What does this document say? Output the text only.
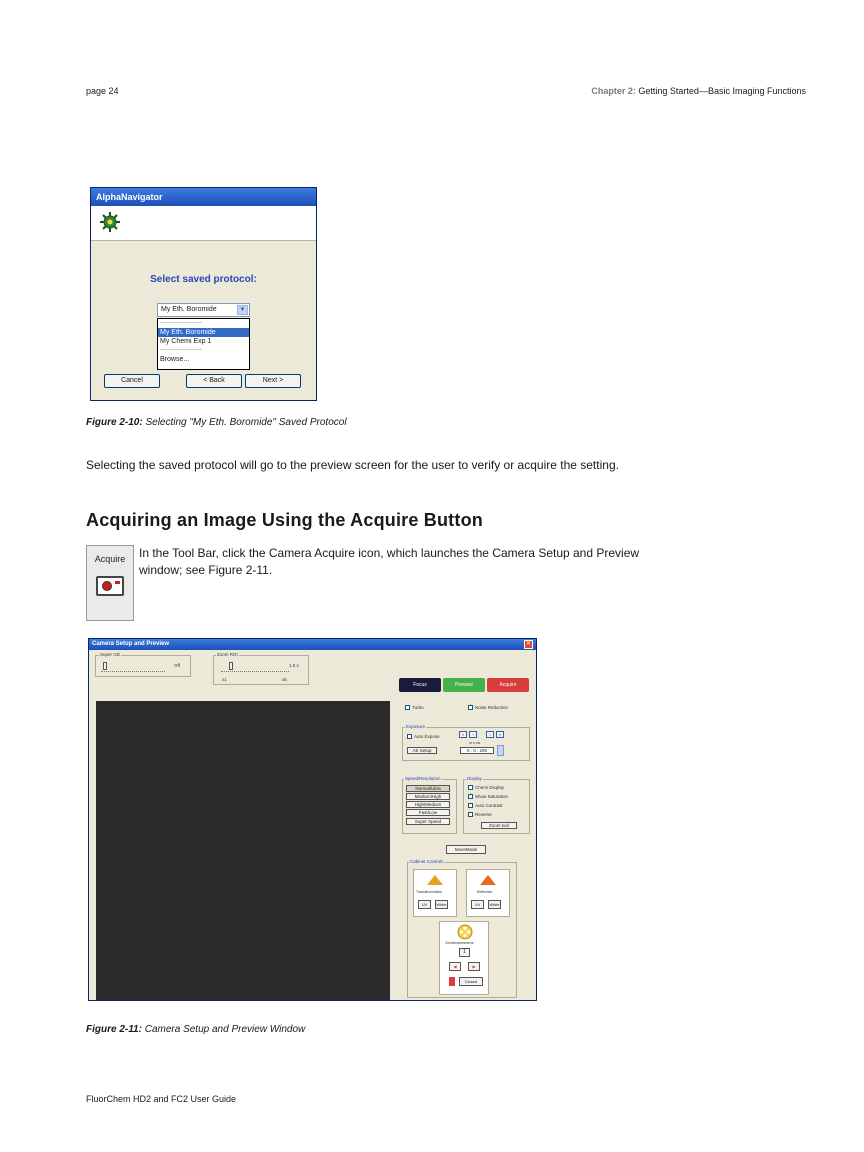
page 24	Chapter 2: Getting Started—Basic Imaging Functions
AlphaNavigator
Select saved protocol:
My Eth. Boromide	▼
------------------------------------
My Eth. Boromide
My Chemi Exp 1
------------------------------------
Browse...
Cancel	< Back	Next >
Figure 2-10: Selecting "My Eth. Boromide" Saved Protocol
Selecting the saved protocol will go to the preview screen for the user to verify or acquire the setting.
Acquiring an Image Using the Acquire Button
Acquire	In the Tool Bar, click the Camera Acquire icon, which launches the Camera Setup and Preview
window; see Figure 2-11.
Camera Setup and Preview	✕
Super OD
Off
Zoom ROI
1.0 x
x1	x5
Focus	Preview	Acquire
Turbo
✓	Noise Reduction
Exposure
Auto Expose
AE Setup
«	‹	›	»
m s ms
0 : 0 : 200
Speed/Resolution
Normal/Ultra
Medium/High
High/Medium
Fast/Low
Super Speed
Display
Chemi Display
✓
Show Saturation
Auto Contrast
Reverse
Zoom tool
MoveMode
Cabinet Controls
Transillumination
UV	White
Reflective
UV	White
Chemiluminescence
1
◀	▶
Closed
Figure 2-11: Camera Setup and Preview Window
FluorChem HD2 and FC2 User Guide
